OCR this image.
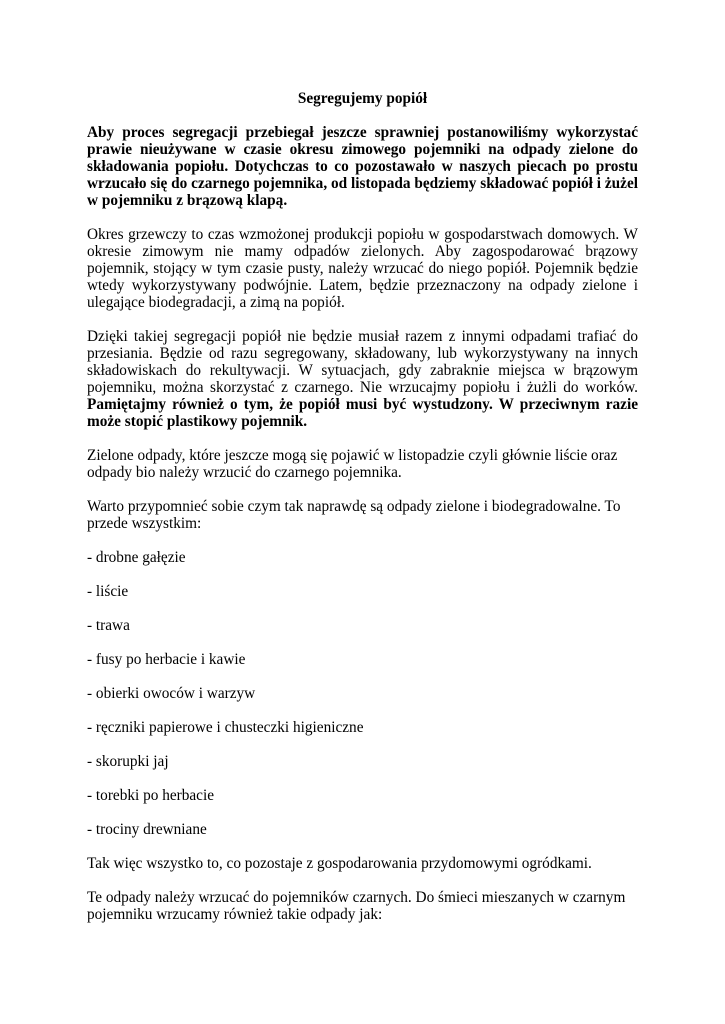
Segregujemy popiół

Aby proces segregacji przebiegał jeszcze sprawniej postanowiliśmy wykorzystać prawie nieużywane w czasie okresu zimowego pojemniki na odpady zielone do składowania popiołu. Dotychczas to co pozostawało w naszych piecach po prostu wrzucało się do czarnego pojemnika, od listopada będziemy składować popiół i żużel w pojemniku z brązową klapą.

Okres grzewczy to czas wzmożonej produkcji popiołu w gospodarstwach domowych. W okresie zimowym nie mamy odpadów zielonych. Aby zagospodarować brązowy pojemnik, stojący w tym czasie pusty, należy wrzucać do niego popiół. Pojemnik będzie wtedy wykorzystywany podwójnie. Latem, będzie przeznaczony na odpady zielone i ulegające biodegradacji, a zimą na popiół.

Dzięki takiej segregacji popiół nie będzie musiał razem z innymi odpadami trafiać do przesiania. Będzie od razu segregowany, składowany, lub wykorzystywany na innych składowiskach do rekultywacji. W sytuacjach, gdy zabraknie miejsca w brązowym pojemniku, można skorzystać z czarnego. Nie wrzucajmy popiołu i żużli do worków. Pamiętajmy również o tym, że popiół musi być wystudzony. W przeciwnym razie może stopić plastikowy pojemnik.

Zielone odpady, które jeszcze mogą się pojawić w listopadzie czyli głównie liście oraz odpady bio należy wrzucić do czarnego pojemnika.

Warto przypomnieć sobie czym tak naprawdę są odpady zielone i biodegradowalne. To przede wszystkim:

- drobne gałęzie
- liście
- trawa
- fusy po herbacie i kawie
- obierki owoców i warzyw
- ręczniki papierowe i chusteczki higieniczne
- skorupki jaj
- torebki po herbacie
- trociny drewniane

Tak więc wszystko to, co pozostaje z gospodarowania przydomowymi ogródkami.

Te odpady należy wrzucać do pojemników czarnych. Do śmieci mieszanych w czarnym pojemniku wrzucamy również takie odpady jak:
